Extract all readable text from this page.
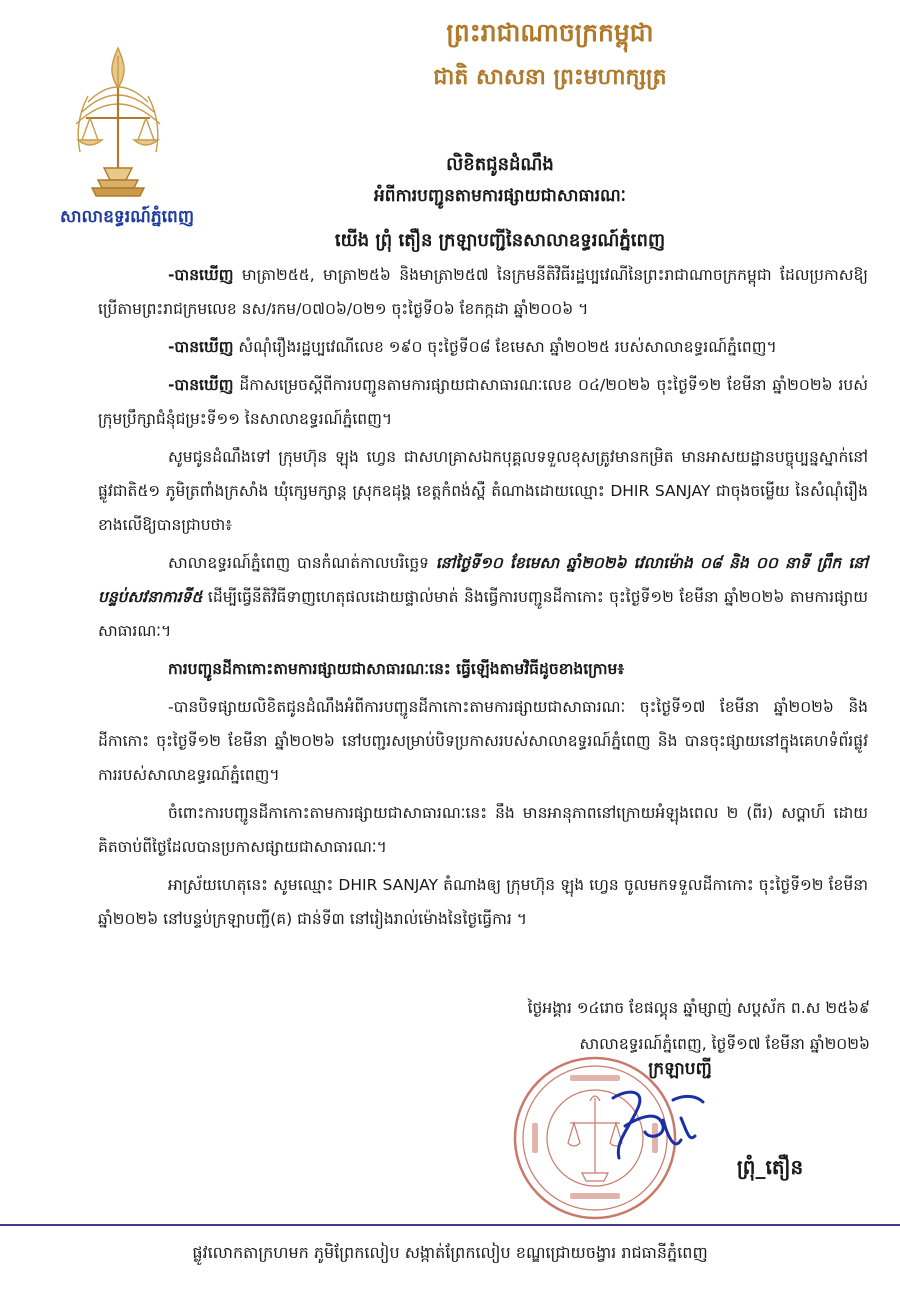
ព្រះរាជាណាចក្រកម្ពុជា
ជាតិ សាសនា ព្រះមហាក្សត្រ
សាលាឧទ្ធរណ៍ភ្នំពេញ
លិខិតជូនដំណឹង
អំពីការបញ្ជូនតាមការផ្សាយជាសាធារណៈ
យើង ព្រុំ តឿន ក្រឡាបញ្ជីនៃសាលាឧទ្ធរណ៍ភ្នំពេញ

-បានឃើញ មាត្រា២៥៥, មាត្រា២៥៦ និងមាត្រា២៥៧ នៃក្រមនីតិវិធីរដ្ឋប្បវេណីនៃព្រះរាជាណាចក្រកម្ពុជា ដែលប្រកាសឱ្យប្រើតាមព្រះរាជក្រមលេខ នស/រកម/០៧០៦/០២១ ចុះថ្ងៃទី០៦ ខែកក្កដា ឆ្នាំ២០០៦ ។

-បានឃើញ សំណុំរឿងរដ្ឋប្បវេណីលេខ ១៩០ ចុះថ្ងៃទី០៨ ខែមេសា ឆ្នាំ២០២៥ របស់សាលាឧទ្ធរណ៍ភ្នំពេញ។

-បានឃើញ ដីកាសម្រេចស្តីពីការបញ្ជូនតាមការផ្សាយជាសាធារណៈលេខ ០៤/២០២៦ ចុះថ្ងៃទី១២ ខែមីនា ឆ្នាំ២០២៦ របស់ក្រុមប្រឹក្សាជំនុំជម្រះទី១១ នៃសាលាឧទ្ធរណ៍ភ្នំពេញ។

សូមជូនដំណឹងទៅ ក្រុមហ៊ុន ឡុង ហ្វេន ជាសហគ្រាសឯកបុគ្គលទទួលខុសត្រូវមានកម្រិត មានអាសយដ្ឋានបច្ចុប្បន្នស្នាក់នៅផ្លូវជាតិ៥១ ភូមិត្រពាំងក្រសាំង ឃុំក្សេមក្សាន្ត ស្រុកឧដុង្គ ខេត្តកំពង់ស្ពឺ តំណាងដោយឈ្មោះ DHIR SANJAY ជាចុងចម្លើយ នៃសំណុំរឿងខាងលើឱ្យបានជ្រាបថា៖

សាលាឧទ្ធរណ៍ភ្នំពេញ បានកំណត់កាលបរិច្ឆេទ នៅថ្ងៃទី១០ ខែមេសា ឆ្នាំ២០២៦ វេលាម៉ោង ០៨ និង ០០ នាទី ព្រឹក នៅបន្ទប់សវនាការទី៥ ដើម្បីធ្វើនីតិវិធីទាញហេតុផលដោយផ្ទាល់មាត់ និងធ្វើការបញ្ជូនដីកាកោះ ចុះថ្ងៃទី១២ ខែមីនា ឆ្នាំ២០២៦ តាមការផ្សាយសាធារណៈ។

ការបញ្ជូនដីកាកោះតាមការផ្សាយជាសាធារណៈនេះ ធ្វើឡើងតាមវិធីដូចខាងក្រោម៖

-បានបិទផ្សាយលិខិតជូនដំណឹងអំពីការបញ្ជូនដីកាកោះតាមការផ្សាយជាសាធារណៈ ចុះថ្ងៃទី១៧ ខែមីនា ឆ្នាំ២០២៦ និងដីកាកោះ ចុះថ្ងៃទី១២ ខែមីនា ឆ្នាំ២០២៦ នៅបញ្ជរសម្រាប់បិទប្រកាសរបស់សាលាឧទ្ធរណ៍ភ្នំពេញ និង បានចុះផ្សាយនៅក្នុងគេហទំព័រផ្លូវការរបស់សាលាឧទ្ធរណ៍ភ្នំពេញ។

ចំពោះការបញ្ជូនដីកាកោះតាមការផ្សាយជាសាធារណៈនេះ នឹង មានអានុភាពនៅក្រោយអំឡុងពេល ២ (ពីរ) សប្តាហ៍ ដោយគិតចាប់ពីថ្ងៃដែលបានប្រកាសផ្សាយជាសាធារណៈ។

អាស្រ័យហេតុនេះ សូមឈ្មោះ DHIR SANJAY តំណាងឲ្យ ក្រុមហ៊ុន ឡុង ហ្វេន ចូលមកទទួលដីកាកោះ ចុះថ្ងៃទី១២ ខែមីនា ឆ្នាំ២០២៦ នៅបន្ទប់ក្រឡាបញ្ជី(គ) ជាន់ទី៣ នៅរៀងរាល់ម៉ោងនៃថ្ងៃធ្វើការ ។

ថ្ងៃអង្គារ ១៤រោច ខែផល្គុន ឆ្នាំម្សាញ់ សប្តស័ក ព.ស ២៥៦៩
សាលាឧទ្ធរណ៍ភ្នំពេញ, ថ្ងៃទី១៧ ខែមីនា ឆ្នាំ២០២៦
ក្រឡាបញ្ជី
ព្រុំ_តឿន
ផ្លូវលោកតាក្រហមក ភូមិព្រែកលៀប សង្កាត់ព្រែកលៀប ខណ្ឌជ្រោយចង្វារ រាជធានីភ្នំពេញ
